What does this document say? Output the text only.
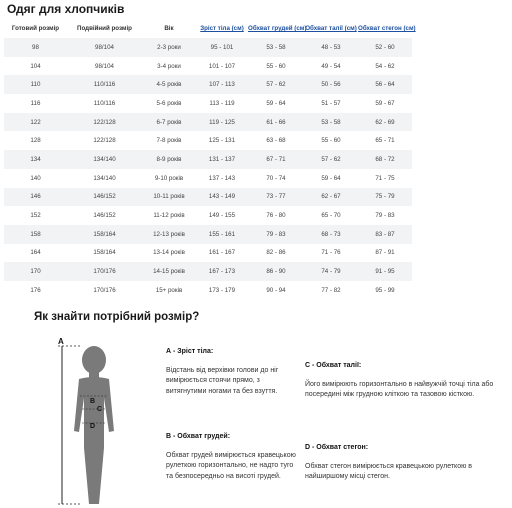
Одяг для хлопчиків
Готовий розмір	Подвійний розмір	Вік	Зріст тіла (см)	Обхват грудей (см)	Обхват талії (см)	Обхват стегон (см)
98	98/104	2-3 роки	95 - 101	53 - 58	48 - 53	52 - 60
104	98/104	3-4 роки	101 - 107	55 - 60	49 - 54	54 - 62
110	110/116	4-5 років	107 - 113	57 - 62	50 - 56	56 - 64
116	110/116	5-6 років	113 - 119	59 - 64	51 - 57	59 - 67
122	122/128	6-7 років	119 - 125	61 - 66	53 - 58	62 - 69
128	122/128	7-8 років	125 - 131	63 - 68	55 - 60	65 - 71
134	134/140	8-9 років	131 - 137	67 - 71	57 - 62	68 - 72
140	134/140	9-10 років	137 - 143	70 - 74	59 - 64	71 - 75
146	146/152	10-11 років	143 - 149	73 - 77	62 - 67	75 - 79
152	146/152	11-12 років	149 - 155	76 - 80	65 - 70	79 - 83
158	158/164	12-13 років	155 - 161	79 - 83	68 - 73	83 - 87
164	158/164	13-14 років	161 - 167	82 - 86	71 - 76	87 - 91
170	170/176	14-15 років	167 - 173	86 - 90	74 - 79	91 - 95
176	170/176	15+ років	173 - 179	90 - 94	77 - 82	95 - 99
Як знайти потрібний розмір?
A
B
C
D
А - Зріст тіла:
Відстань від верхівки голови до ніг вимірюється стоячи прямо, з витягнутими ногами та без взуття.
В - Обхват грудей:
Обхват грудей вимірюється кравецькою рулеткою горизонтально, не надто туго та безпосередньо на висоті грудей.
С - Обхват талії:
Його вимірюють горизонтально в найвужчій точці тіла або посередині між грудною кліткою та тазовою кісткою.
D - Обхват стегон:
Обхват стегон вимірюється кравецькою рулеткою в найширшому місці стегон.
